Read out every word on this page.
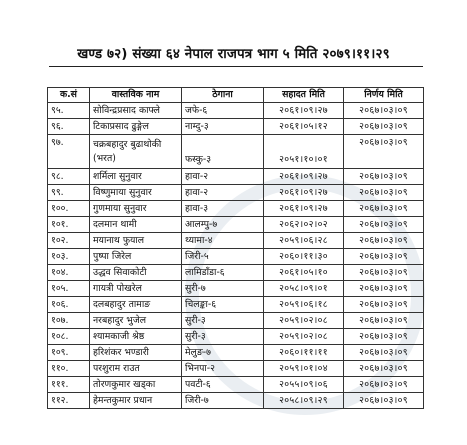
खण्ड ७२) संख्या ६४ नेपाल राजपत्र भाग ५ मिति २०७९।११।२९
क.सं	वास्तविक नाम	ठेगाना	सहादत मिति	निर्णय मिति
९५.	सोविन्द्रप्रसाद काफ्ले	जफे-६	२०६१।०९।२७	२०६७।०३।०९
९६.	टिकाप्रसाद ढुङ्गेल	नाम्दु-३	२०६१।०५।१२	२०६७।०३।०९
९७.	चक्रबहादुर बुढाथोकी (भरत)	फस्कु-३	२०५१।१०।०१	२०६७।०३।०९
९८.	शर्मिला सुनुवार	हावा-२	२०६१।०९।२७	२०६७।०३।०९
९९.	विष्णुमाया सुनुवार	हावा-२	२०६१।०९।२७	२०६७।०३।०९
१००.	गुणमाया सुनुवार	हावा-३	२०६१।०९।२७	२०६७।०३।०९
१०१.	दलमान थामी	आलम्पु-७	२०६२।०२।०२	२०६७।०३।०९
१०२.	मयानाथ फुयाल	थ्यामा-४	२०५९।०६।२८	२०६७।०३।०९
१०३.	पुष्पा जिरेल	जिरी-५	२०६०।११।३०	२०६७।०३।०९
१०४.	उद्धव सिवाकोटी	लामिडाँडा-६	२०६१।०५।१०	२०६७।०३।०९
१०५.	गायत्री पोखरेल	सुरी-७	२०५८।०९।०१	२०६७।०३।०९
१०६.	दलबहादुर तामाङ	चिलङ्का-६	२०५९।०६।१८	२०६७।०३।०९
१०७.	नरबहादुर भुजेल	सुरी-३	२०५९।०२।०८	२०६७।०३।०९
१०८.	श्यामकाजी श्रेष्ठ	सुरी-३	२०५९।०२।०८	२०६७।०३।०९
१०९.	हरिशंकर भण्डारी	मेलुङ-७	२०६०।११।११	२०६७।०३।०९
११०.	परशुराम राउत	भिनपा-२	२०५९।०१।०४	२०६७।०३।०९
१११.	तोरणकुमार खड्का	पवटी-६	२०५५।०९।०६	२०६७।०३।०९
११२.	हेमन्तकुमार प्रधान	जिरी-७	२०५८।०९।२९	२०६७।०३।०९
